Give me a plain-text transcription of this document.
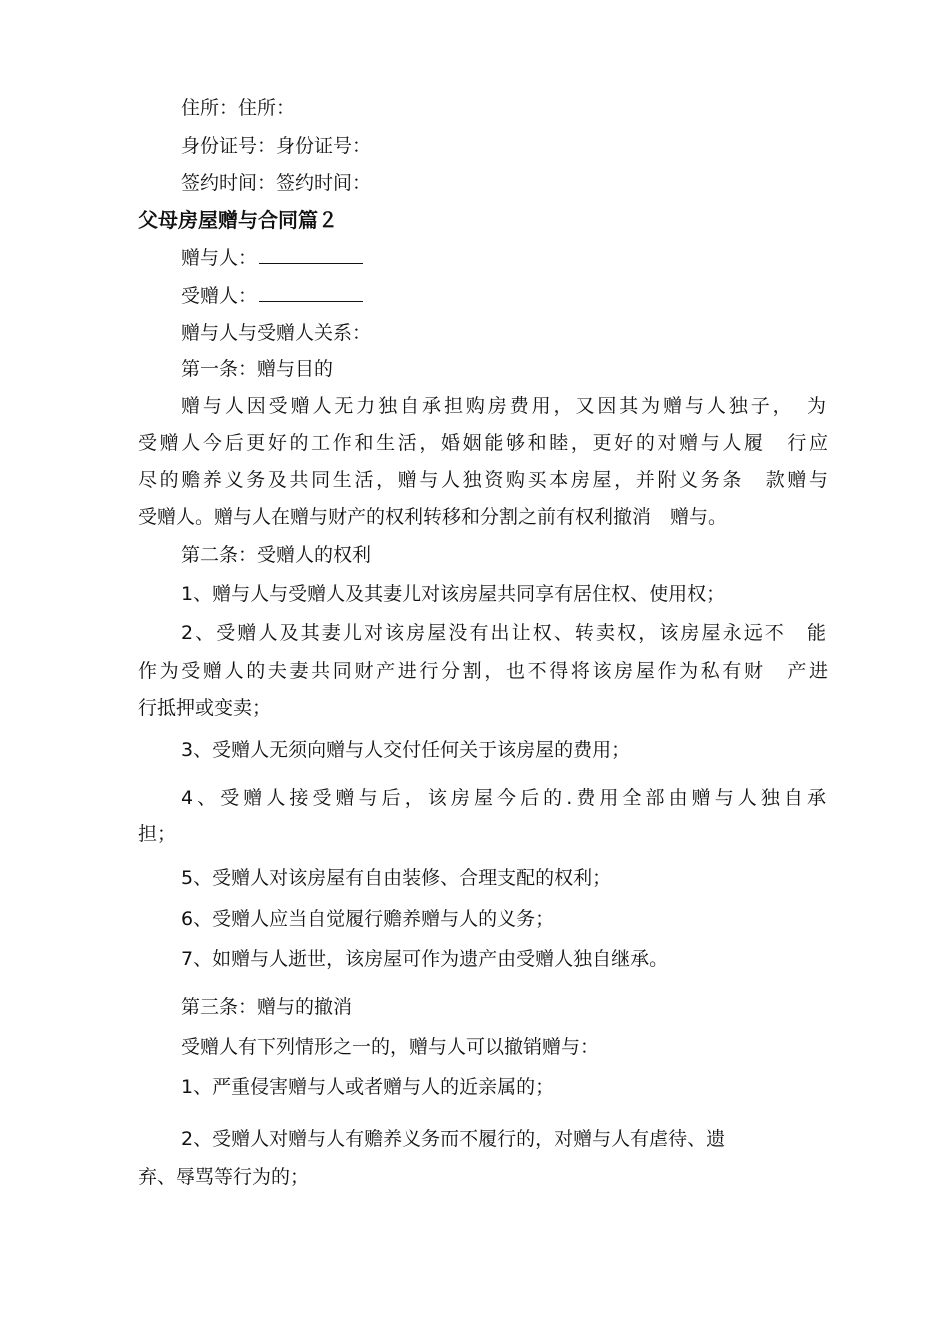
住所：住所：
身份证号：身份证号：
签约时间：签约时间：
父母房屋赠与合同篇２
赠与人：
受赠人：
赠与人与受赠人关系：
第一条：赠与目的
赠与人因受赠人无力独自承担购房费用，又因其为赠与人独子，　为
受赠人今后更好的工作和生活，婚姻能够和睦，更好的对赠与人履　行应
尽的赡养义务及共同生活，赠与人独资购买本房屋，并附义务条　款赠与
受赠人。赠与人在赠与财产的权利转移和分割之前有权利撤消　赠与。
第二条：受赠人的权利
1、赠与人与受赠人及其妻儿对该房屋共同享有居住权、使用权；
2、受赠人及其妻儿对该房屋没有出让权、转卖权，该房屋永远不　能
作为受赠人的夫妻共同财产进行分割，也不得将该房屋作为私有财　产进
行抵押或变卖；
3、受赠人无须向赠与人交付任何关于该房屋的费用；
4、受赠人接受赠与后，该房屋今后的.费用全部由赠与人独自承
担；
5、受赠人对该房屋有自由装修、合理支配的权利；
6、受赠人应当自觉履行赡养赠与人的义务；
7、如赠与人逝世，该房屋可作为遗产由受赠人独自继承。
第三条：赠与的撤消
受赠人有下列情形之一的，赠与人可以撤销赠与：
1、严重侵害赠与人或者赠与人的近亲属的；
2、受赠人对赠与人有赡养义务而不履行的，对赠与人有虐待、遗
弃、辱骂等行为的；
